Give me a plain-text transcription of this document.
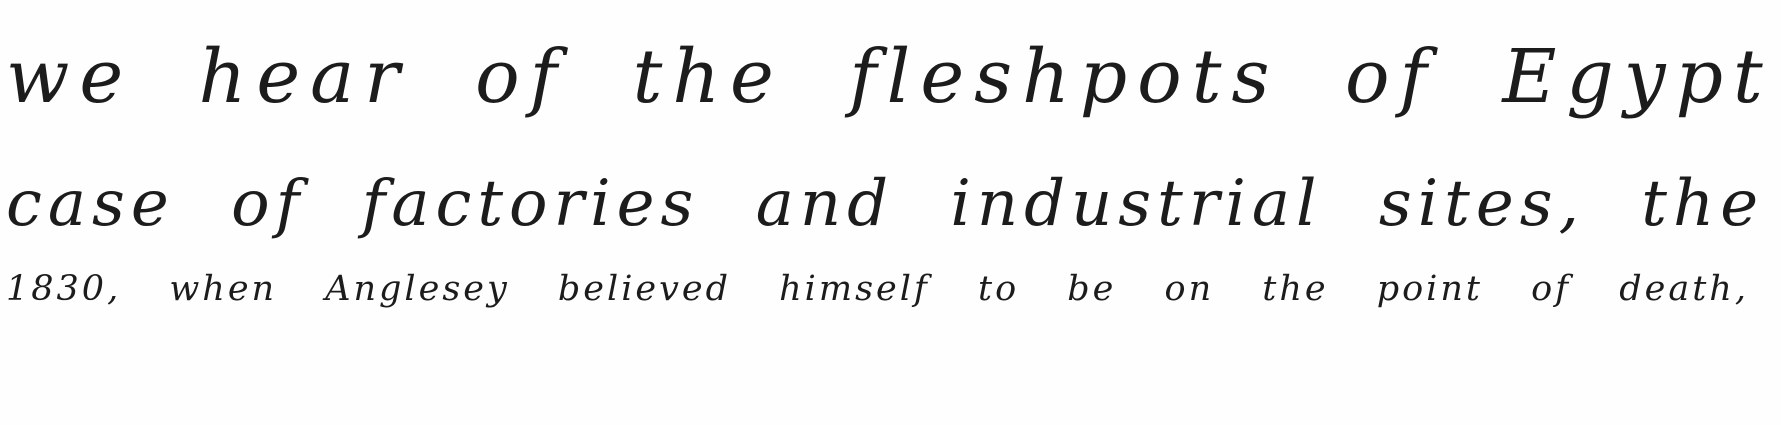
we hear of the fleshpots of Egypt
case of factories and industrial sites, the
1830, when Anglesey believed himself to be on the point of death,
